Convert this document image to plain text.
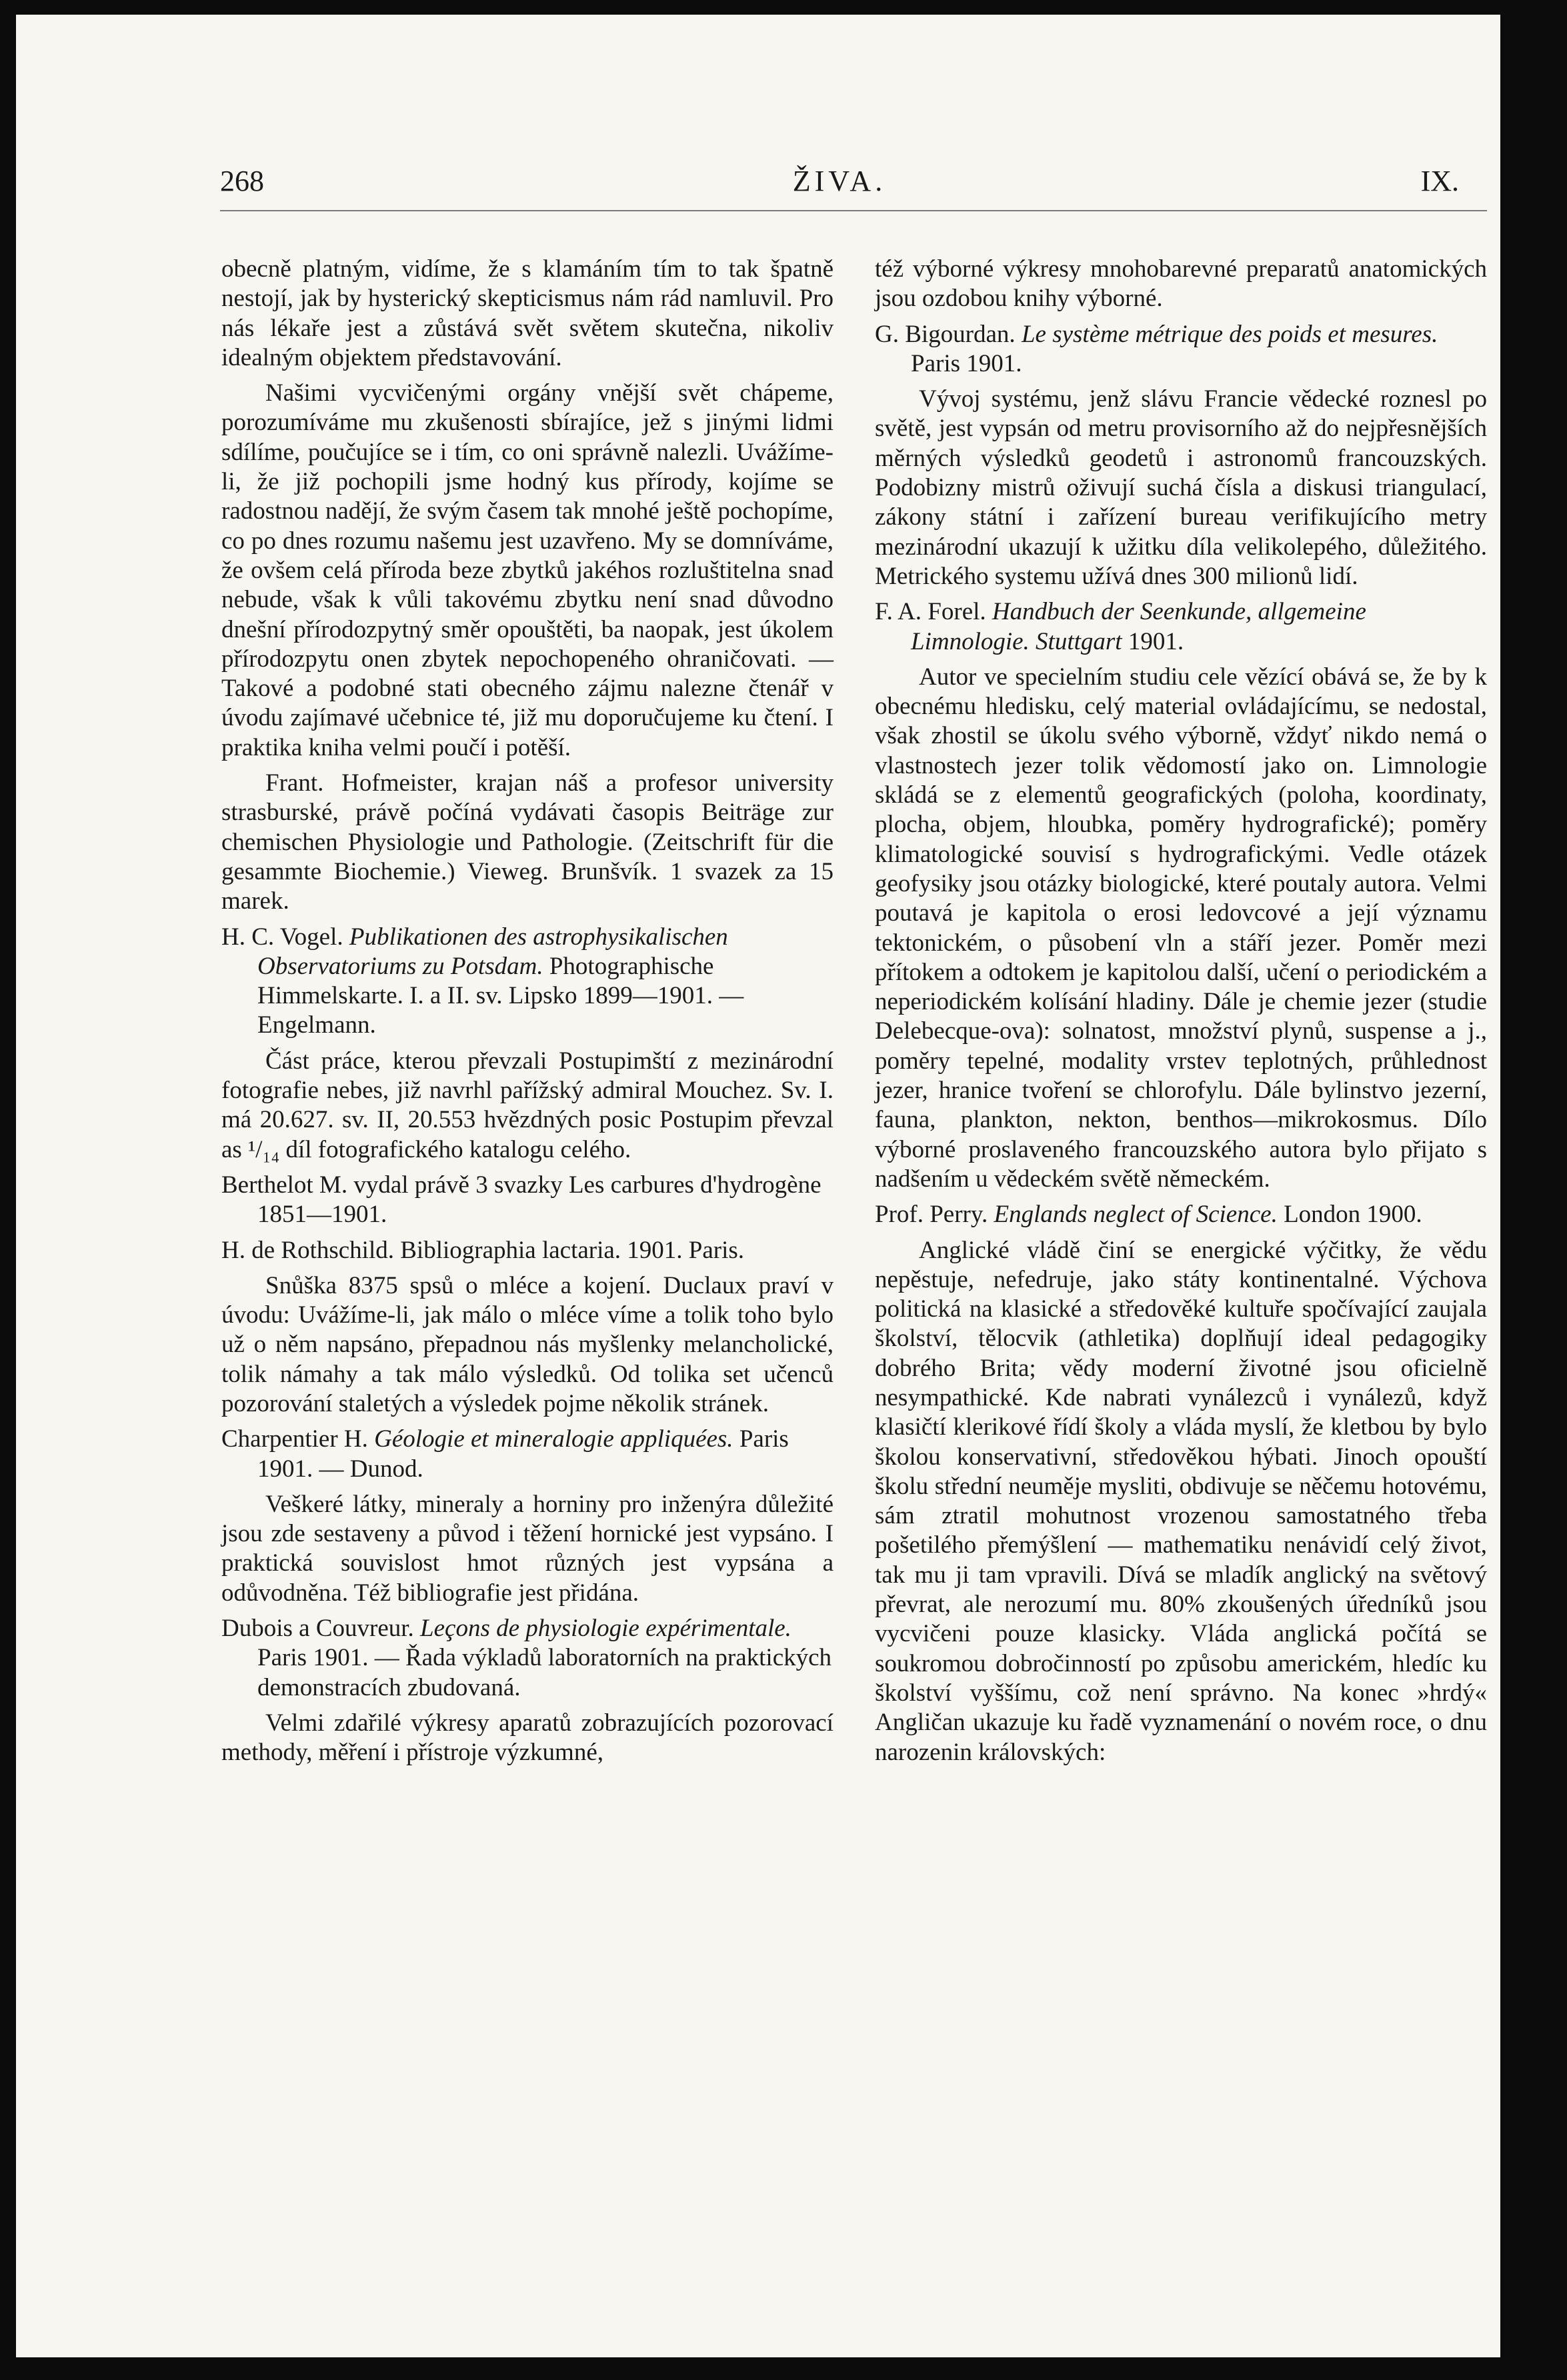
268	ŽIVA.	IX.

obecně platným, vidíme, že s klamáním tím to tak špatně nestojí, jak by hysterický skepticismus nám rád namluvil. Pro nás lékaře jest a zůstává svět světem skutečna, nikoliv idealným objektem představování.

Našimi vycvičenými orgány vnější svět chápeme, porozumíváme mu zkušenosti sbírajíce, jež s jinými lidmi sdílíme, poučujíce se i tím, co oni správně nalezli. Uvážíme-li, že již pochopili jsme hodný kus přírody, kojíme se radostnou nadějí, že svým časem tak mnohé ještě pochopíme, co po dnes rozumu našemu jest uzavřeno. My se domníváme, že ovšem celá příroda beze zbytků jakéhos rozluštitelna snad nebude, však k vůli takovému zbytku není snad důvodno dnešní přírodozpytný směr opouštěti, ba naopak, jest úkolem přírodozpytu onen zbytek nepochopeného ohraničovati. — Takové a podobné stati obecného zájmu nalezne čtenář v úvodu zajímavé učebnice té, již mu doporučujeme ku čtení. I praktika kniha velmi poučí i potěší.

Frant. Hofmeister, krajan náš a profesor university strasburské, právě počíná vydávati časopis Beiträge zur chemischen Physiologie und Pathologie. (Zeitschrift für die gesammte Biochemie.) Vieweg. Brunšvík. 1 svazek za 15 marek.

H. C. Vogel. Publikationen des astrophysikalischen Observatoriums zu Potsdam. Photographische Himmelskarte. I. a II. sv. Lipsko 1899—1901. — Engelmann.

Část práce, kterou převzali Postupimští z mezinárodní fotografie nebes, již navrhl pařížský admiral Mouchez. Sv. I. má 20.627. sv. II, 20.553 hvězdných posic Postupim převzal as ¹/₁₄ díl fotografického katalogu celého.

Berthelot M. vydal právě 3 svazky Les carbures d'hydrogène 1851—1901.

H. de Rothschild. Bibliographia lactaria. 1901. Paris.

Snůška 8375 spsů o mléce a kojení. Duclaux praví v úvodu: Uvážíme-li, jak málo o mléce víme a tolik toho bylo už o něm napsáno, přepadnou nás myšlenky melancholické, tolik námahy a tak málo výsledků. Od tolika set učenců pozorování staletých a výsledek pojme několik stránek.

Charpentier H. Géologie et mineralogie appliquées. Paris 1901. — Dunod.

Veškeré látky, mineraly a horniny pro inženýra důležité jsou zde sestaveny a původ i těžení hornické jest vypsáno. I praktická souvislost hmot různých jest vypsána a odůvodněna. Též bibliografie jest přidána.

Dubois a Couvreur. Leçons de physiologie expérimentale.Paris 1901. — Řada výkladů laboratorních na praktických demonstracích zbudovaná.

Velmi zdařilé výkresy aparatů zobrazujících pozorovací methody, měření i přístroje výzkumné,

též výborné výkresy mnohobarevné preparatů anatomických jsou ozdobou knihy výborné.

G. Bigourdan. Le système métrique des poids et mesures.Paris 1901.

Vývoj systému, jenž slávu Francie vědecké roznesl po světě, jest vypsán od metru provisorního až do nejpřesnějších měrných výsledků geodetů i astronomů francouzských. Podobizny mistrů oživují suchá čísla a diskusi triangulací, zákony státní i zařízení bureau verifikujícího metry mezinárodní ukazují k užitku díla velikolepého, důležitého. Metrického systemu užívá dnes 300 milionů lidí.

F. A. Forel. Handbuch der Seenkunde, allgemeine Limnologie. Stuttgart 1901.

Autor ve specielním studiu cele vězící obává se, že by k obecnému hledisku, celý material ovládajícímu, se nedostal, však zhostil se úkolu svého výborně, vždyť nikdo nemá o vlastnostech jezer tolik vědomostí jako on. Limnologie skládá se z elementů geografických (poloha, koordinaty, plocha, objem, hloubka, poměry hydrografické); poměry klimatologické souvisí s hydrografickými. Vedle otázek geofysiky jsou otázky biologické, které poutaly autora. Velmi poutavá je kapitola o erosi ledovcové a její významu tektonickém, o působení vln a stáří jezer. Poměr mezi přítokem a odtokem je kapitolou další, učení o periodickém a neperiodickém kolísání hladiny. Dále je chemie jezer (studie Delebecque-ova): solnatost, množství plynů, suspense a j., poměry tepelné, modality vrstev teplotných, průhlednost jezer, hranice tvoření se chlorofylu. Dále bylinstvo jezerní, fauna, plankton, nekton, benthos—mikrokosmus. Dílo výborné proslaveného francouzského autora bylo přijato s nadšením u vědeckém světě německém.

Prof. Perry. Englands neglect of Science. London 1900.

Anglické vládě činí se energické výčitky, že vědu nepěstuje, nefedruje, jako státy kontinentalné. Výchova politická na klasické a středověké kultuře spočívající zaujala školství, tělocvik (athletika) doplňují ideal pedagogiky dobrého Brita; vědy moderní životné jsou oficielně nesympathické. Kde nabrati vynálezců i vynálezů, když klasičtí klerikové řídí školy a vláda myslí, že kletbou by bylo školou konservativní, středověkou hýbati. Jinoch opouští školu střední neuměje mysliti, obdivuje se něčemu hotovému, sám ztratil mohutnost vrozenou samostatného třeba pošetilého přemýšlení — mathematiku nenávidí celý život, tak mu ji tam vpravili. Dívá se mladík anglický na světový převrat, ale nerozumí mu. 80% zkoušených úředníků jsou vycvičeni pouze klasicky. Vláda anglická počítá se soukromou dobročinností po způsobu americkém, hledíc ku školství vyššímu, což není správno. Na konec »hrdý« Angličan ukazuje ku řadě vyznamenání o novém roce, o dnu narozenin královských:
